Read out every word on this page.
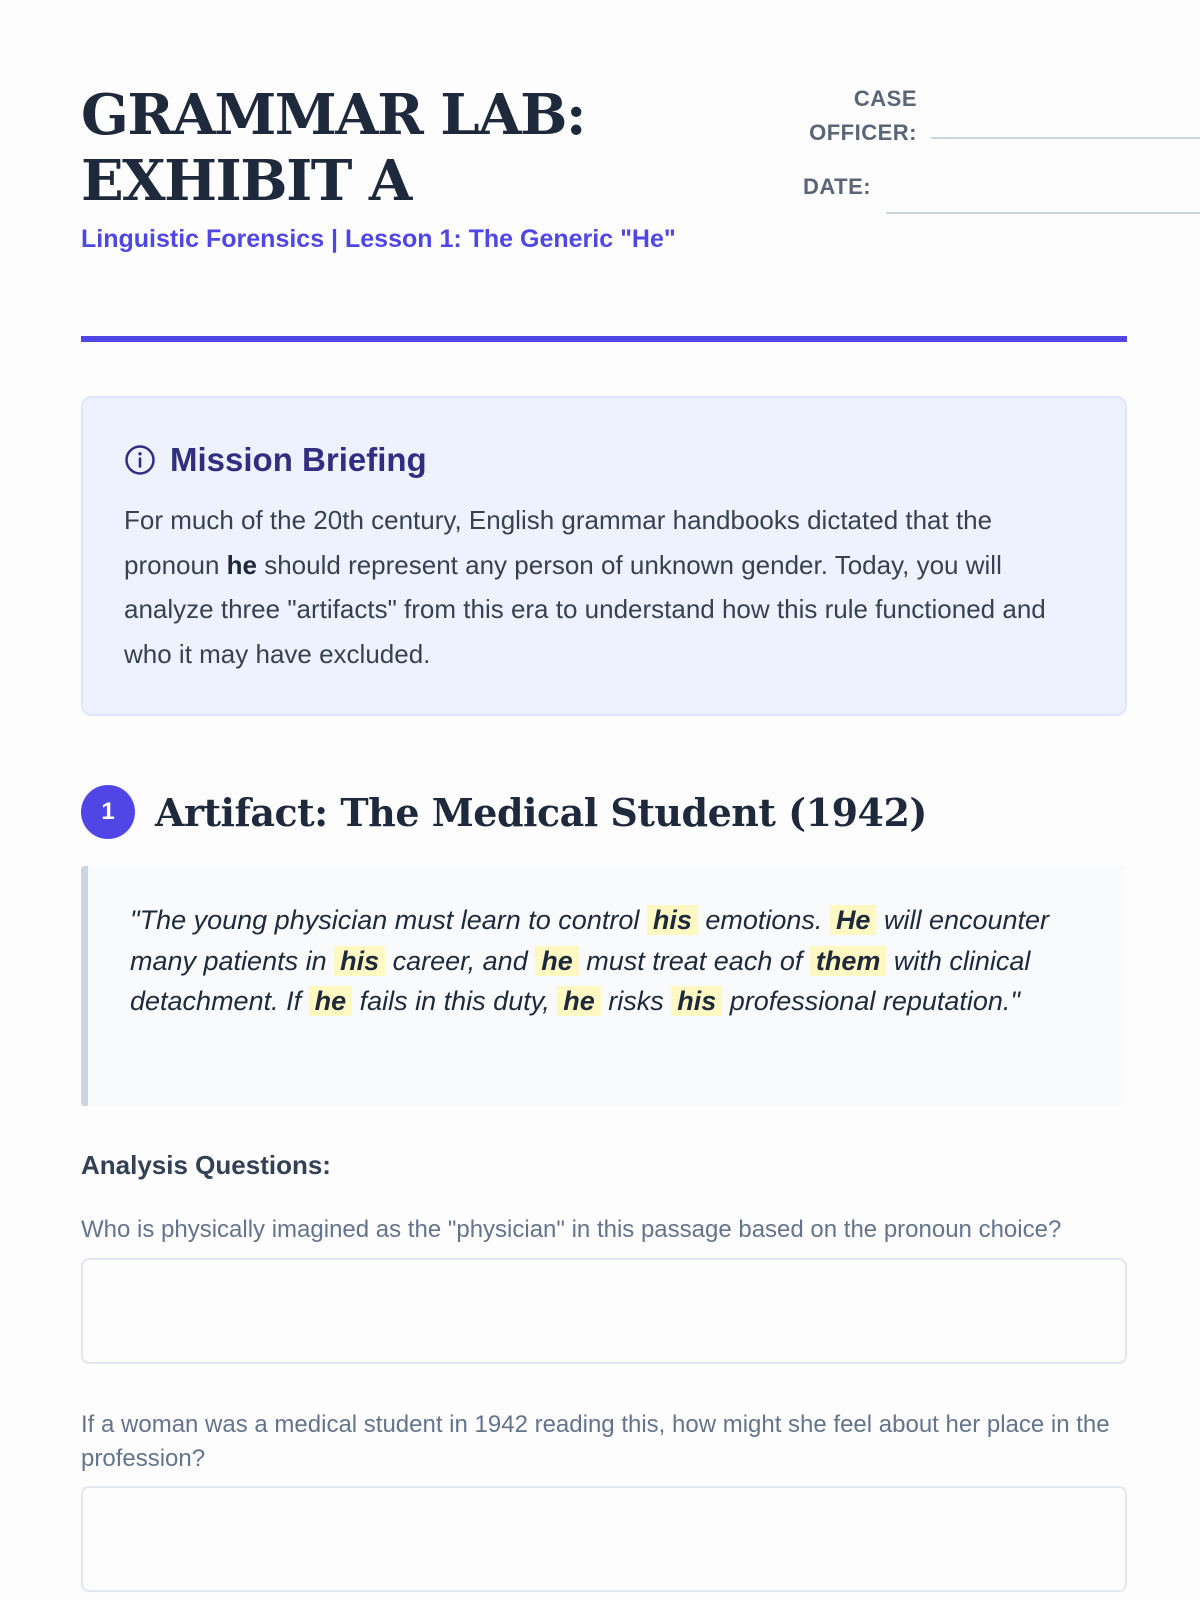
GRAMMAR LAB:
EXHIBIT A

Linguistic Forensics | Lesson 1: The Generic "He"

CASE
OFFICER:
DATE:
Mission Briefing

For much of the 20th century, English grammar handbooks dictated that the pronoun he should represent any person of unknown gender. Today, you will analyze three "artifacts" from this era to understand how this rule functioned and who it may have excluded.

1	Artifact: The Medical Student (1942)
"The young physician must learn to control his emotions. He will encounter many patients in his career, and he must treat each of them with clinical detachment. If he fails in this duty, he risks his professional reputation."
Analysis Questions:

Who is physically imagined as the "physician" in this passage based on the pronoun choice?

If a woman was a medical student in 1942 reading this, how might she feel about her place in the profession?
